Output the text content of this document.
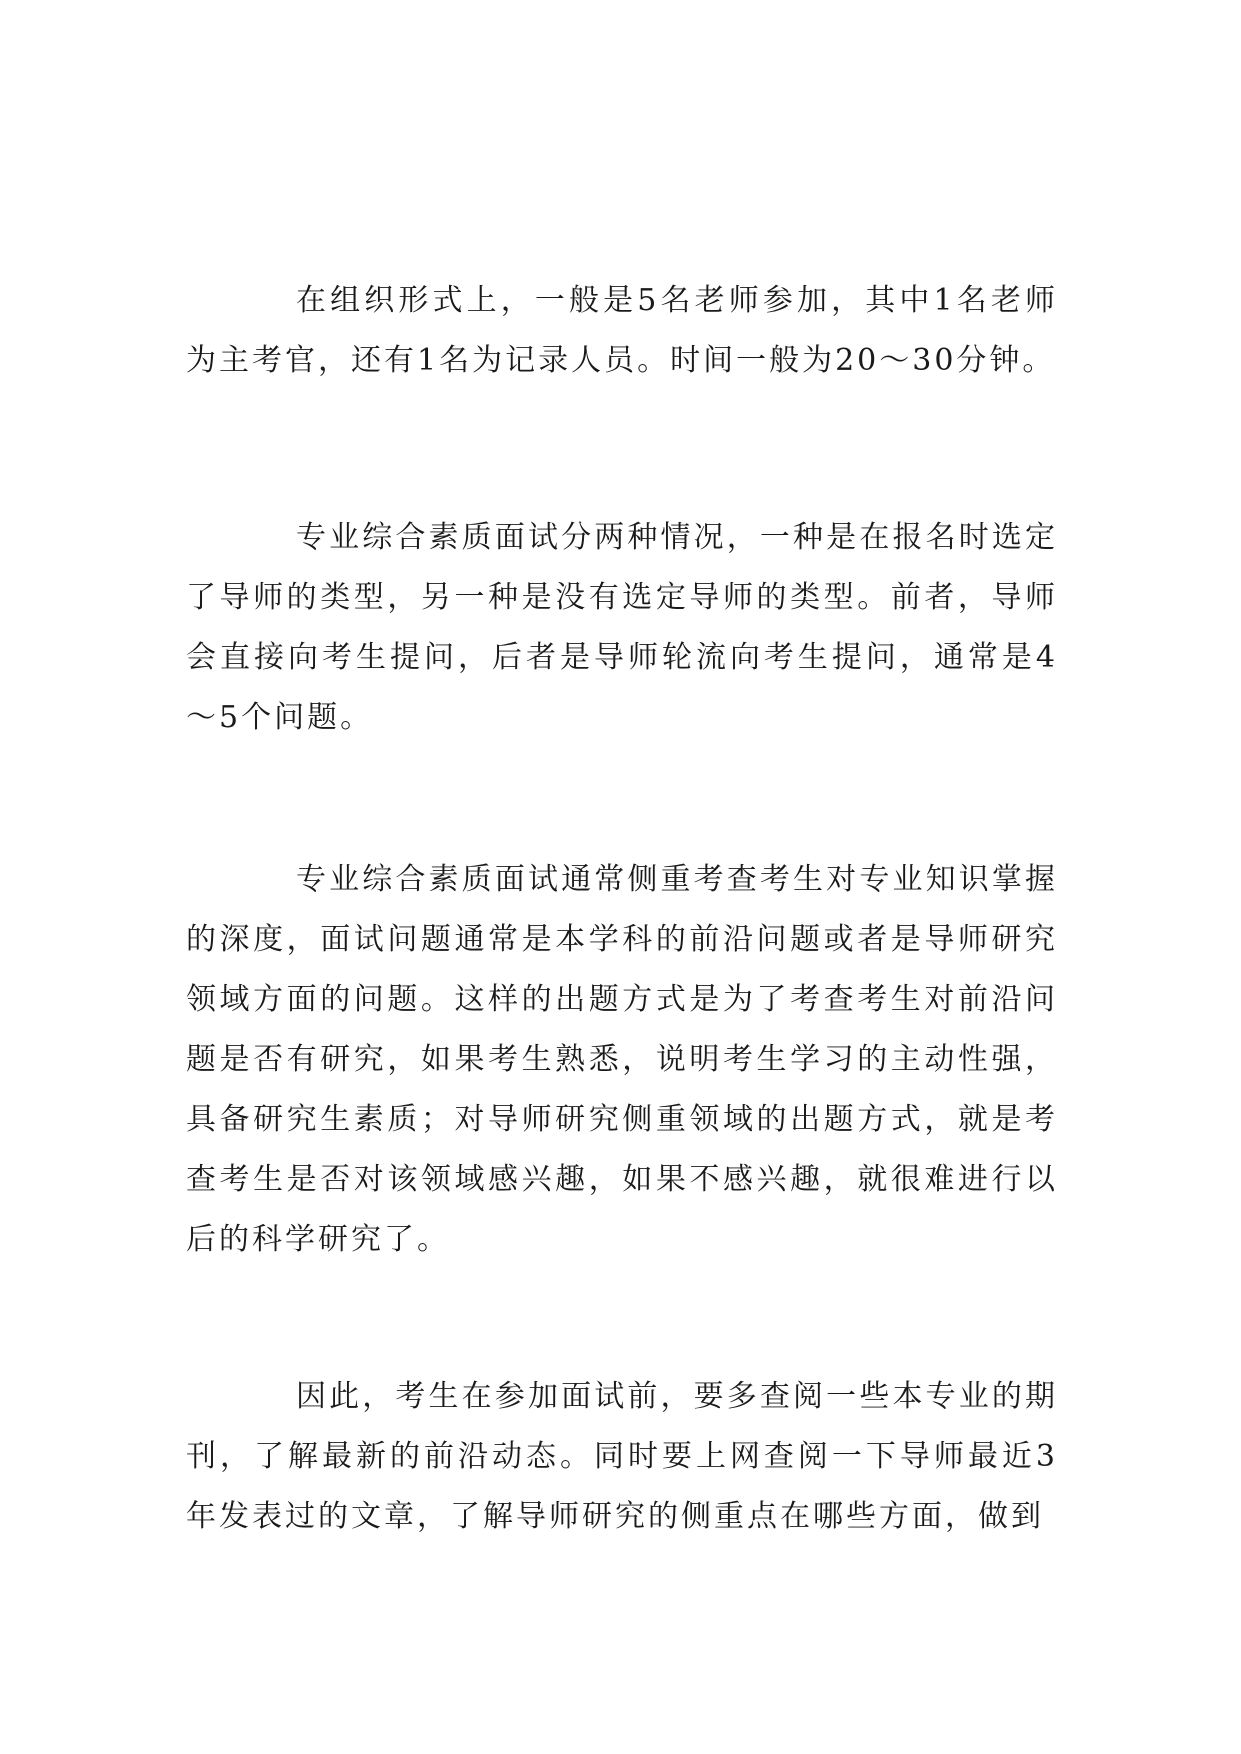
在组织形式上，一般是5名老师参加，其中1名老师为主考官，还有1名为记录人员。时间一般为20～30分钟。

专业综合素质面试分两种情况，一种是在报名时选定了导师的类型，另一种是没有选定导师的类型。前者，导师会直接向考生提问，后者是导师轮流向考生提问，通常是4～5个问题。

专业综合素质面试通常侧重考查考生对专业知识掌握的深度，面试问题通常是本学科的前沿问题或者是导师研究领域方面的问题。这样的出题方式是为了考查考生对前沿问题是否有研究，如果考生熟悉，说明考生学习的主动性强，具备研究生素质；对导师研究侧重领域的出题方式，就是考查考生是否对该领域感兴趣，如果不感兴趣，就很难进行以后的科学研究了。

因此，考生在参加面试前，要多查阅一些本专业的期刊，了解最新的前沿动态。同时要上网查阅一下导师最近3年发表过的文章，了解导师研究的侧重点在哪些方面，做到
